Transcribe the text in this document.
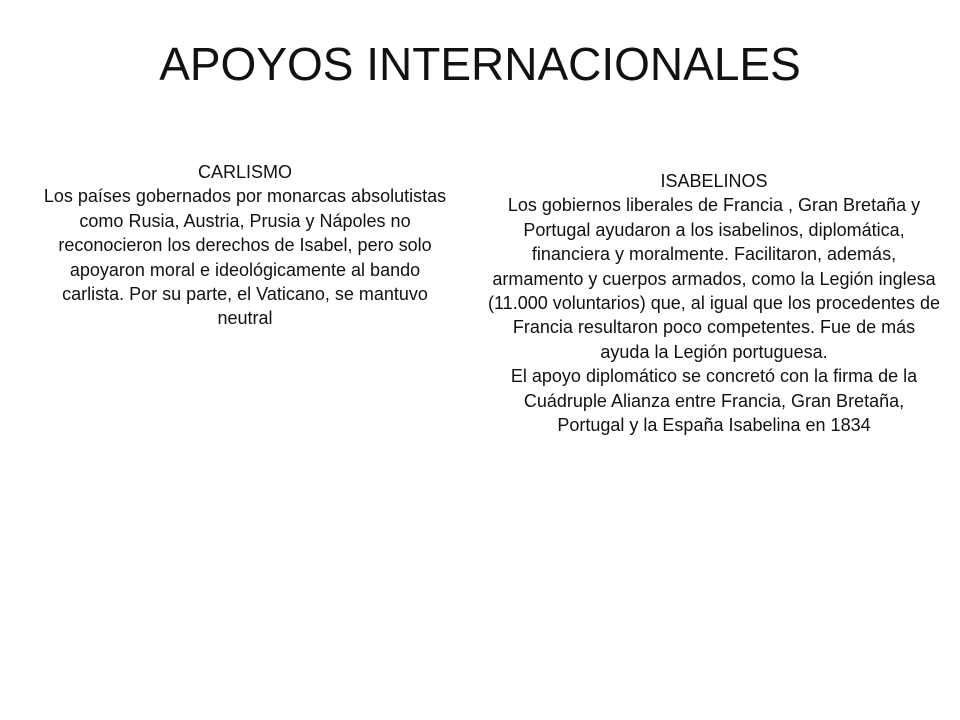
APOYOS INTERNACIONALES

CARLISMO

Los países gobernados por monarcas absolutistas como Rusia, Austria, Prusia y Nápoles no reconocieron los derechos de Isabel, pero solo apoyaron moral e ideológicamente al bando carlista. Por su parte, el Vaticano, se mantuvo neutral

ISABELINOS

Los gobiernos liberales de Francia , Gran Bretaña y Portugal ayudaron a los isabelinos, diplomática, financiera y moralmente. Facilitaron, además, armamento y cuerpos armados, como la Legión inglesa (11.000 voluntarios) que, al igual que los procedentes de Francia resultaron poco competentes. Fue de más ayuda la Legión portuguesa.

El apoyo diplomático se concretó con la firma de la Cuádruple Alianza entre Francia, Gran Bretaña, Portugal y la España Isabelina en 1834
